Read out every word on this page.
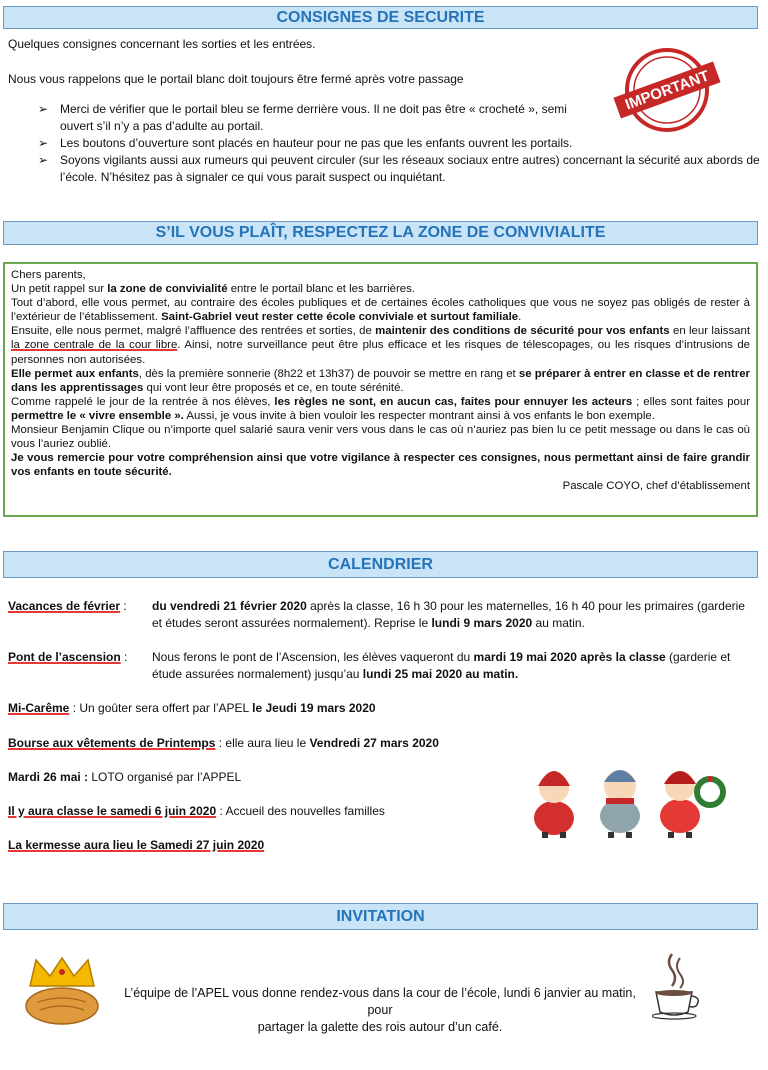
CONSIGNES DE SECURITE
Quelques consignes concernant les sorties et les entrées.
Nous vous rappelons que le portail blanc doit toujours être fermé après votre passage
➢ Merci de vérifier que le portail bleu se ferme derrière vous. Il ne doit pas être « crocheté », semi ouvert s’il n’y a pas d’adulte au portail.
➢ Les boutons d’ouverture sont placés en hauteur pour ne pas que les enfants ouvrent les portails.
➢ Soyons vigilants aussi aux rumeurs qui peuvent circuler (sur les réseaux sociaux entre autres) concernant la sécurité aux abords de l’école. N’hésitez pas à signaler ce qui vous parait suspect ou inquiétant.
IMPORTANT
S’IL VOUS PLAÎT, RESPECTEZ LA ZONE DE CONVIVIALITE

Chers parents,

Un petit rappel sur la zone de convivialité entre le portail blanc et les barrières.

Tout d’abord, elle vous permet, au contraire des écoles publiques et de certaines écoles catholiques que vous ne soyez pas obligés de rester à l’extérieur de l’établissement. Saint-Gabriel veut rester cette école conviviale et surtout familiale.

Ensuite, elle nous permet, malgré l’affluence des rentrées et sorties, de maintenir des conditions de sécurité pour vos enfants en leur laissant la zone centrale de la cour libre. Ainsi, notre surveillance peut être plus efficace et les risques de télescopages, ou les risques d’intrusions de personnes non autorisées.

Elle permet aux enfants, dès la première sonnerie (8h22 et 13h37) de pouvoir se mettre en rang et se préparer à entrer en classe et de rentrer dans les apprentissages qui vont leur être proposés et ce, en toute sérénité.

Comme rappelé le jour de la rentrée à nos élèves, les règles ne sont, en aucun cas, faites pour ennuyer les acteurs ; elles sont faites pour permettre le « vivre ensemble ». Aussi, je vous invite à bien vouloir les respecter montrant ainsi à vos enfants le bon exemple.

Monsieur Benjamin Clique ou n’importe quel salarié saura venir vers vous dans le cas où n’auriez pas bien lu ce petit message ou dans le cas où vous l’auriez oublié.

Je vous remercie pour votre compréhension ainsi que votre vigilance à respecter ces consignes, nous permettant ainsi de faire grandir vos enfants en toute sécurité.

Pascale COYO, chef d’établissement

CALENDRIER
Vacances de février : du vendredi 21 février 2020 après la classe, 16 h 30 pour les maternelles, 16 h 40 pour les primaires (garderie et études seront assurées normalement). Reprise le lundi 9 mars 2020 au matin.
Pont de l’ascension : Nous ferons le pont de l’Ascension, les élèves vaqueront du mardi 19 mai 2020 après la classe (garderie et étude assurées normalement) jusqu’au lundi 25 mai 2020 au matin.
Mi-Carême : Un goûter sera offert par l’APEL le Jeudi 19 mars 2020
Bourse aux vêtements de Printemps : elle aura lieu le Vendredi 27 mars 2020
Mardi 26 mai : LOTO organisé par l’APPEL
Il y aura classe le samedi 6 juin 2020 : Accueil des nouvelles familles
La kermesse aura lieu le Samedi 27 juin 2020
INVITATION
L’équipe de l’APEL vous donne rendez-vous dans la cour de l’école, lundi 6 janvier au matin, pour
partager la galette des rois autour d’un café.
